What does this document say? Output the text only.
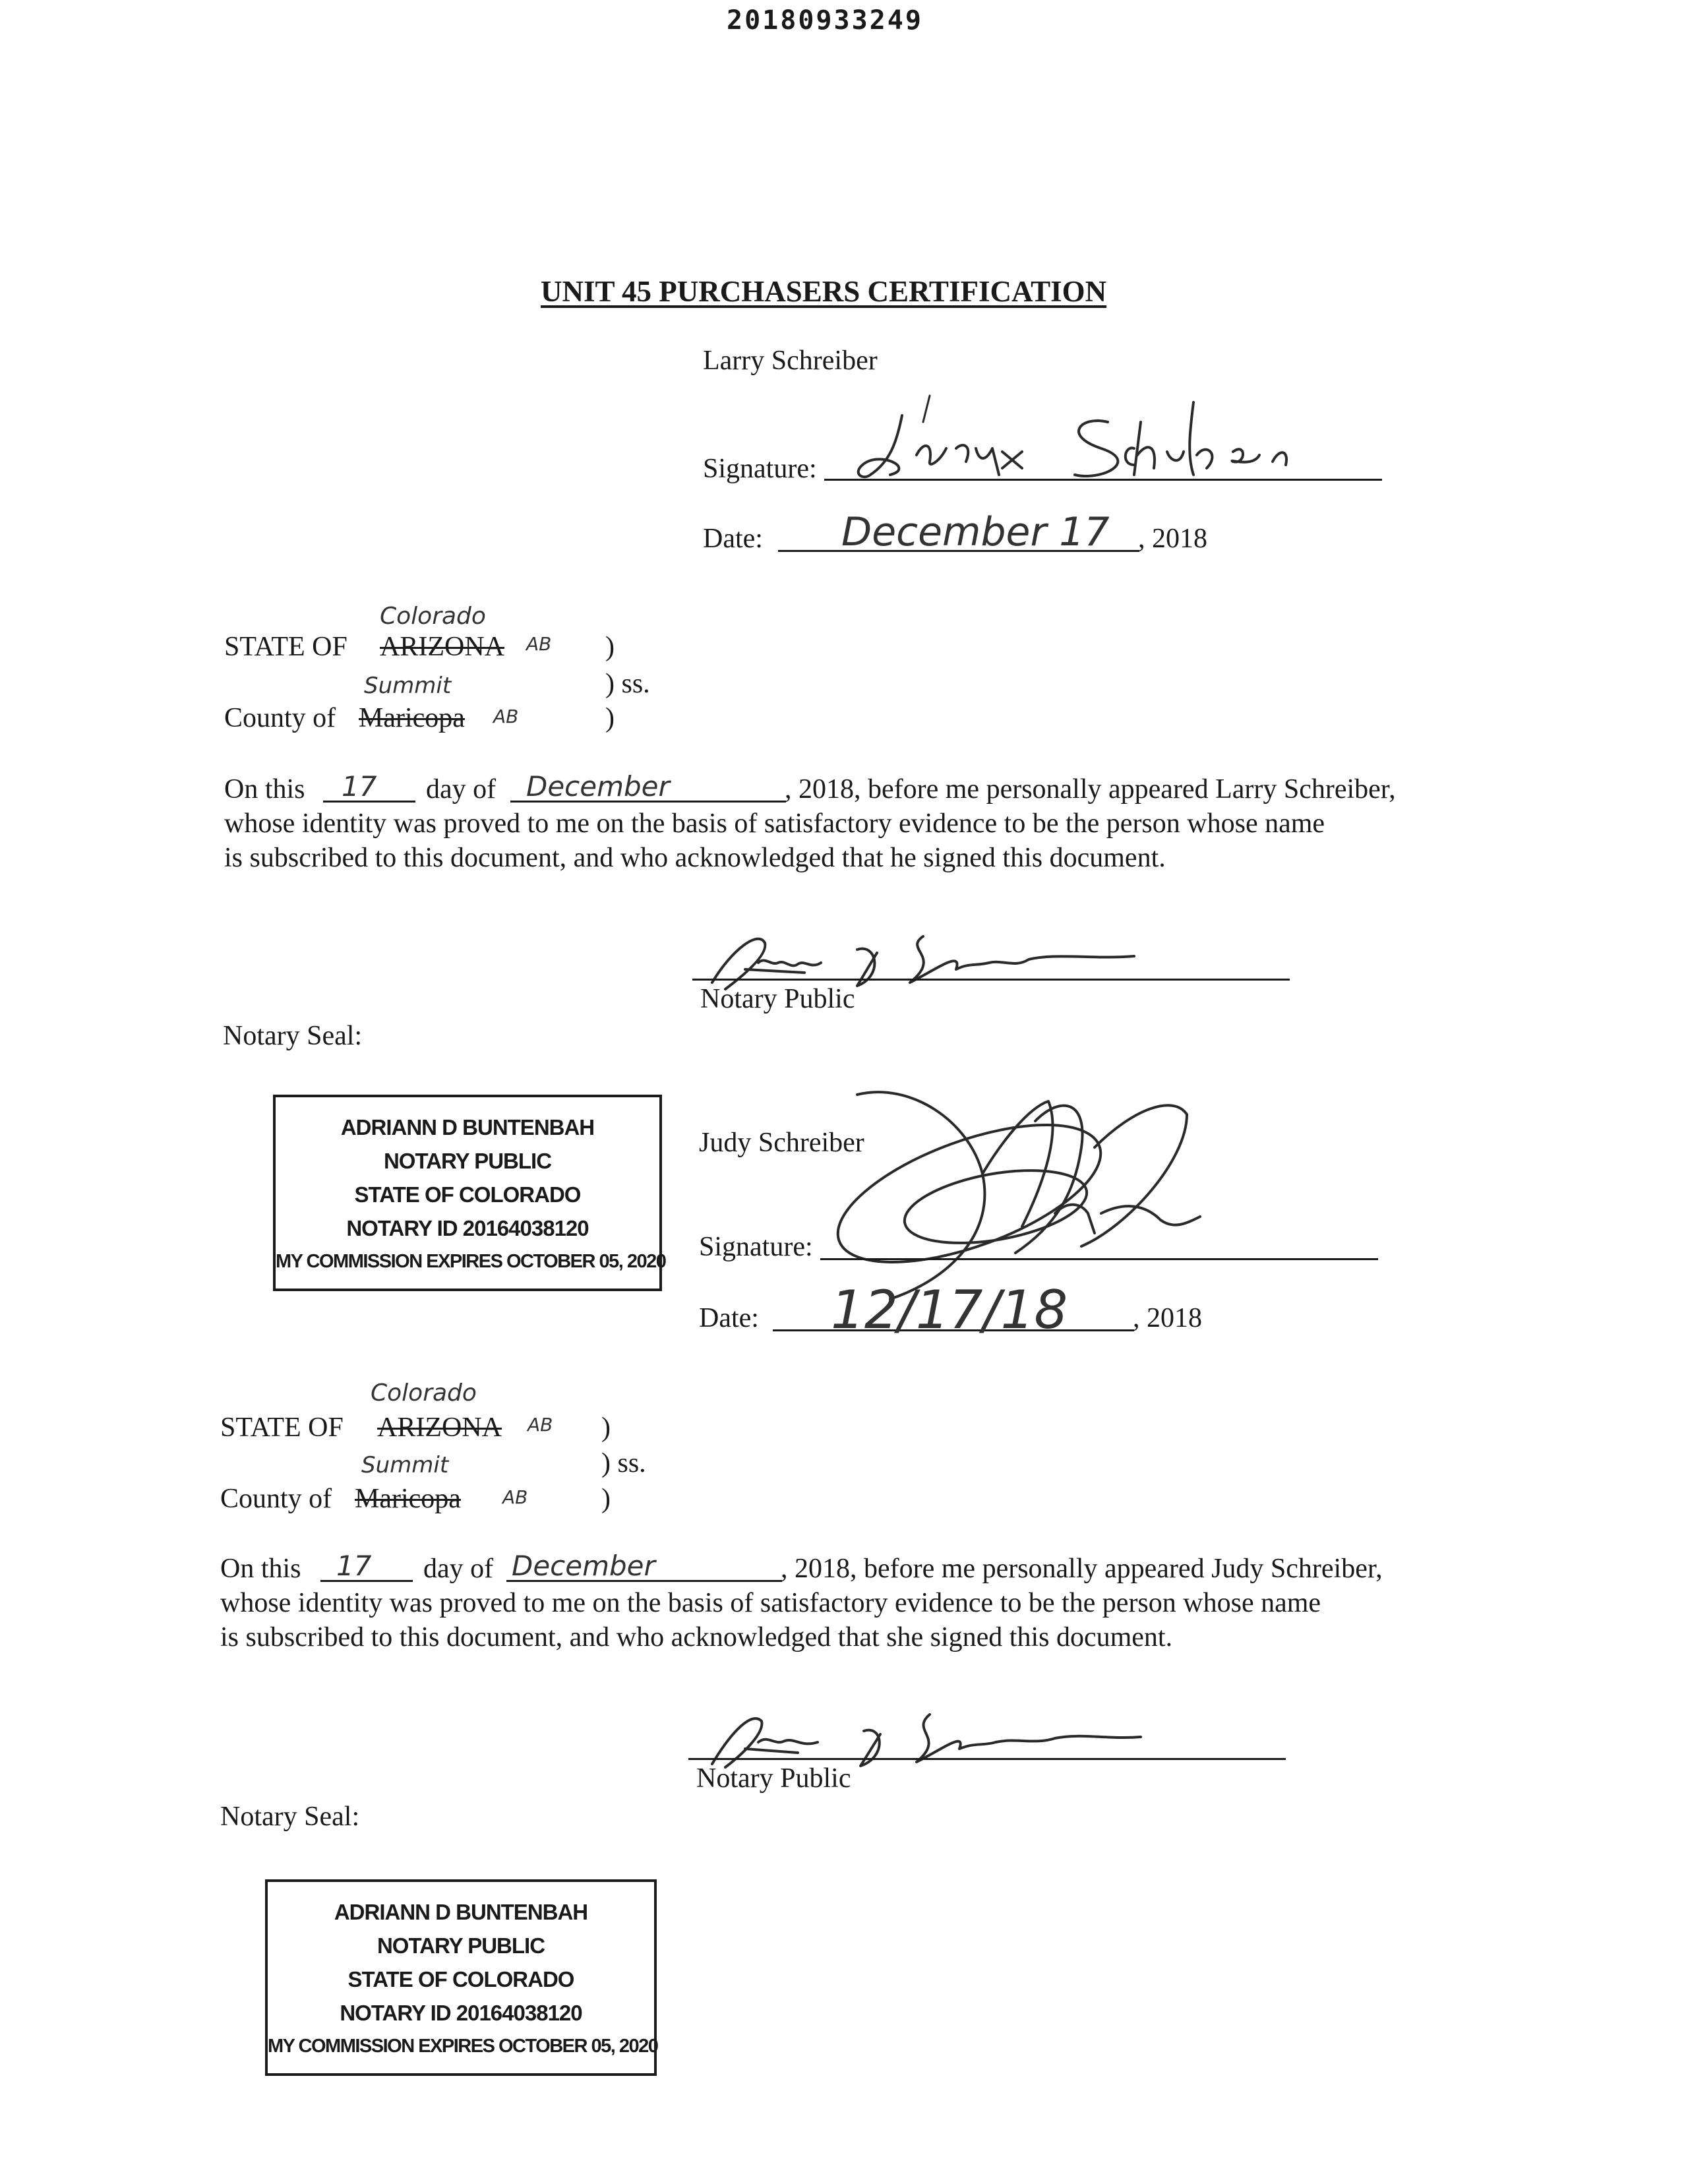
20180933249
UNIT 45 PURCHASERS CERTIFICATION
Larry Schreiber
Signature:
Date: December 17 , 2018
Colorado
STATE OF ARIZONA AB )
Summit	) ss.
County of Maricopa AB	)
On this 17 day of December	, 2018, before me personally appeared Larry Schreiber,
whose identity was proved to me on the basis of satisfactory evidence to be the person whose name
is subscribed to this document, and who acknowledged that he signed this document.
Notary Public
Notary Seal:
ADRIANN D BUNTENBAH
NOTARY PUBLIC
STATE OF COLORADO
NOTARY ID 20164038120
MY COMMISSION EXPIRES OCTOBER 05, 2020
Judy Schreiber
Signature:
Date: 12/17/18 , 2018
Colorado
STATE OF ARIZONA AB )
Summit	) ss.
County of Maricopa AB	)
On this 17 day of December	, 2018, before me personally appeared Judy Schreiber,
whose identity was proved to me on the basis of satisfactory evidence to be the person whose name
is subscribed to this document, and who acknowledged that she signed this document.
Notary Public
Notary Seal:
ADRIANN D BUNTENBAH
NOTARY PUBLIC
STATE OF COLORADO
NOTARY ID 20164038120
MY COMMISSION EXPIRES OCTOBER 05, 2020
